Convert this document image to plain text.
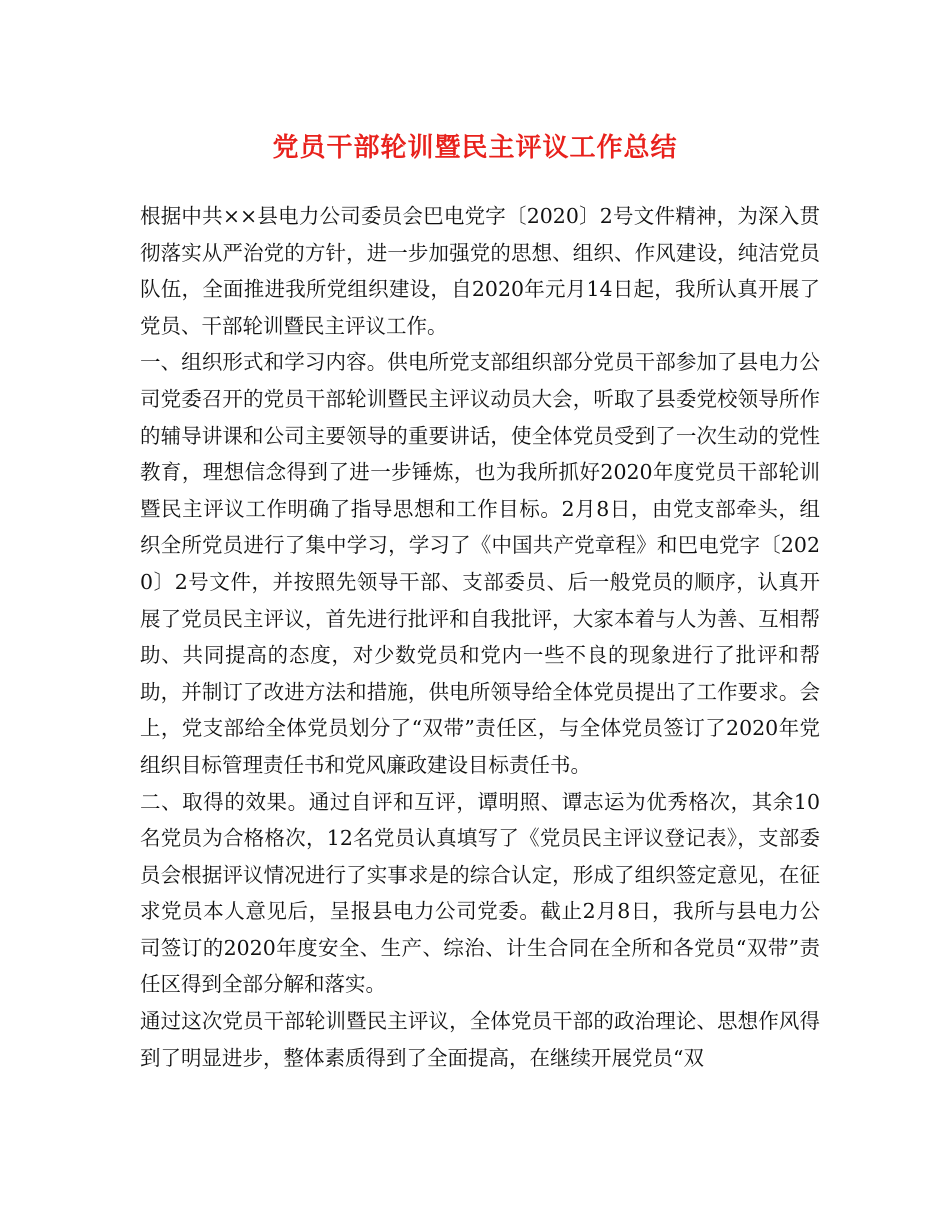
党员干部轮训暨民主评议工作总结

根据中共××县电力公司委员会巴电党字〔2020〕2号文件精神，为深入贯彻落实从严治党的方针，进一步加强党的思想、组织、作风建设，纯洁党员队伍，全面推进我所党组织建设，自2020年元月14日起，我所认真开展了党员、干部轮训暨民主评议工作。

一、组织形式和学习内容。供电所党支部组织部分党员干部参加了县电力公司党委召开的党员干部轮训暨民主评议动员大会，听取了县委党校领导所作的辅导讲课和公司主要领导的重要讲话，使全体党员受到了一次生动的党性教育，理想信念得到了进一步锤炼，也为我所抓好2020年度党员干部轮训暨民主评议工作明确了指导思想和工作目标。2月8日，由党支部牵头，组织全所党员进行了集中学习，学习了《中国共产党章程》和巴电党字〔2020〕2号文件，并按照先领导干部、支部委员、后一般党员的顺序，认真开展了党员民主评议，首先进行批评和自我批评，大家本着与人为善、互相帮助、共同提高的态度，对少数党员和党内一些不良的现象进行了批评和帮助，并制订了改进方法和措施，供电所领导给全体党员提出了工作要求。会上，党支部给全体党员划分了“双带”责任区，与全体党员签订了2020年党组织目标管理责任书和党风廉政建设目标责任书。

二、取得的效果。通过自评和互评，谭明照、谭志运为优秀格次，其余10名党员为合格格次，12名党员认真填写了《党员民主评议登记表》，支部委员会根据评议情况进行了实事求是的综合认定，形成了组织签定意见，在征求党员本人意见后，呈报县电力公司党委。截止2月8日，我所与县电力公司签订的2020年度安全、生产、综治、计生合同在全所和各党员“双带”责任区得到全部分解和落实。

通过这次党员干部轮训暨民主评议，全体党员干部的政治理论、思想作风得到了明显进步，整体素质得到了全面提高，在继续开展党员“双
